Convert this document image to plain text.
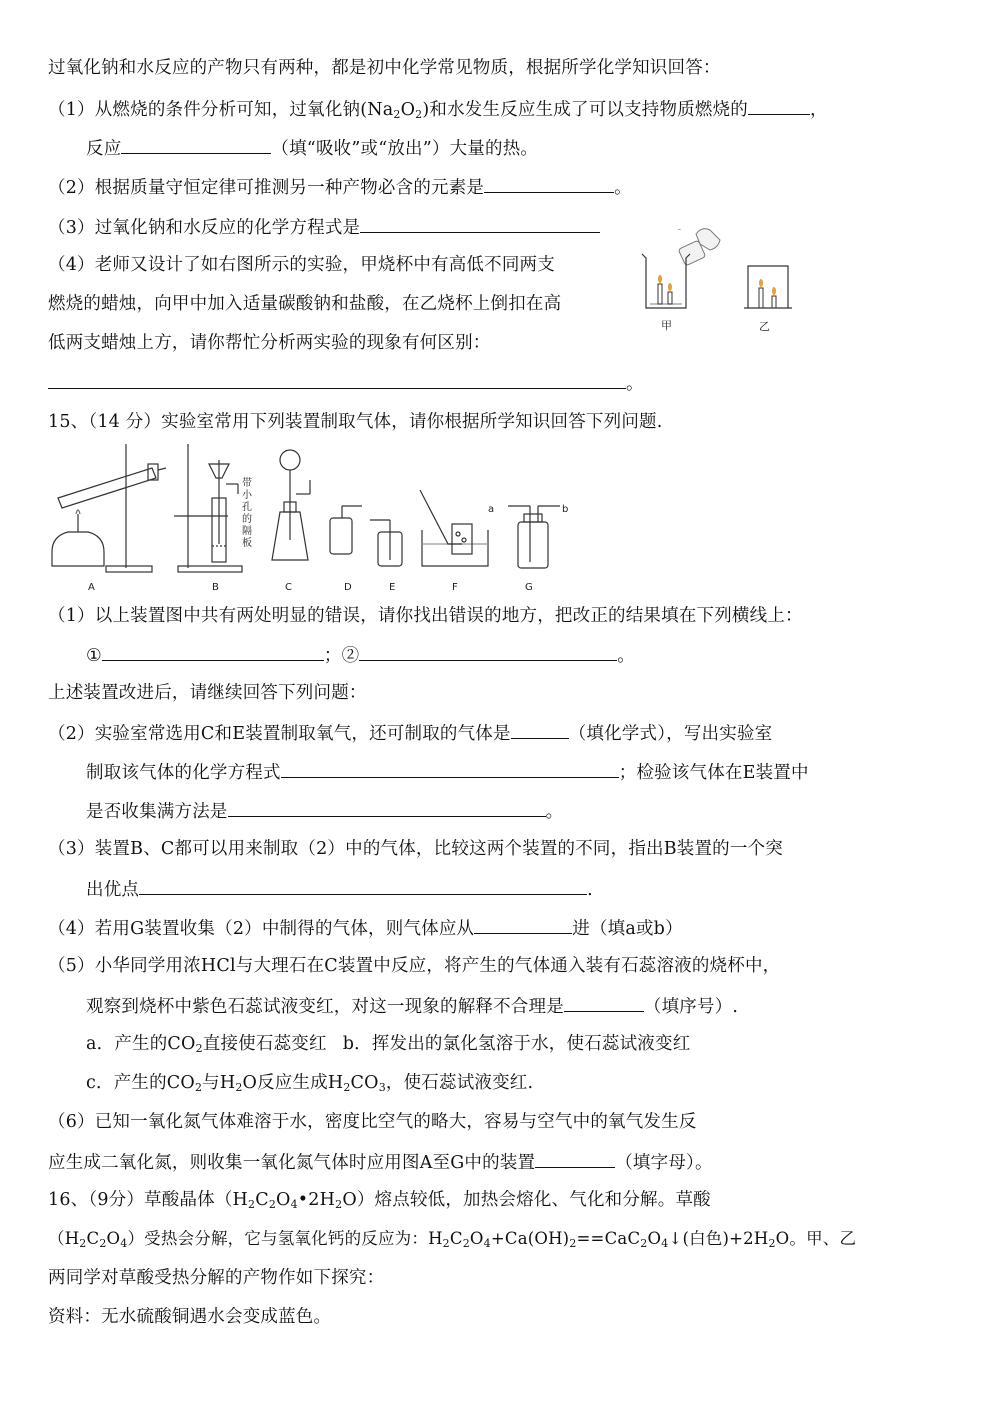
过氧化钠和水反应的产物只有两种，都是初中化学常见物质，根据所学化学知识回答：
（1）从燃烧的条件分析可知，过氧化钠$(Na_2O_2)$和水发生反应生成了可以支持物质燃烧的	，
反应	（填“吸收”或“放出”）大量的热。
（2）根据质量守恒定律可推测另一种产物必含的元素是	。
（3）过氧化钠和水反应的化学方程式是
（4）老师又设计了如右图所示的实验，甲烧杯中有高低不同两支
燃烧的蜡烛，向甲中加入适量碳酸钠和盐酸，在乙烧杯上倒扣在高
低两支蜡烛上方，请你帮忙分析两实验的现象有何区别：
。
-
甲	乙
15、（14 分）实验室常用下列装置制取气体，请你根据所学知识回答下列问题.
带小孔的隔板
a	b
A	B	C	D	E	F	G
（1）以上装置图中共有两处明显的错误，请你找出错误的地方，把改正的结果填在下列横线上：
①	；②	。
上述装置改进后，请继续回答下列问题：
（2）实验室常选用C和E装置制取氧气，还可制取的气体是	（填化学式），写出实验室
制取该气体的化学方程式	；检验该气体在E装置中
是否收集满方法是	。
（3）装置B、C都可以用来制取（2）中的气体，比较这两个装置的不同，指出B装置的一个突
出优点	.
（4）若用G装置收集（2）中制得的气体，则气体应从	进（填a或b）
（5）小华同学用浓HCl与大理石在C装置中反应，将产生的气体通入装有石蕊溶液的烧杯中，
观察到烧杯中紫色石蕊试液变红，对这一现象的解释不合理是	（填序号）.
a．产生的$CO_2$直接使石蕊变红 b．挥发出的氯化氢溶于水，使石蕊试液变红
c．产生的$CO_2$与$H_2O$反应生成$H_2CO_3$，使石蕊试液变红.
（6）已知一氧化氮气体难溶于水，密度比空气的略大，容易与空气中的氧气发生反
应生成二氧化氮，则收集一氧化氮气体时应用图A至G中的装置	（填字母）。
16、（9分）草酸晶体$(H_2C_2O_4•2H_2O)$熔点较低，加热会熔化、气化和分解。草酸
$(H_2C_2O_4)$受热会分解，它与氢氧化钙的反应为：$H_2C_2O_4+Ca(OH)_2==CaC_2O_4↓$(白色)$+2H_2O$。甲、乙
两同学对草酸受热分解的产物作如下探究：
资料：无水硫酸铜遇水会变成蓝色。
